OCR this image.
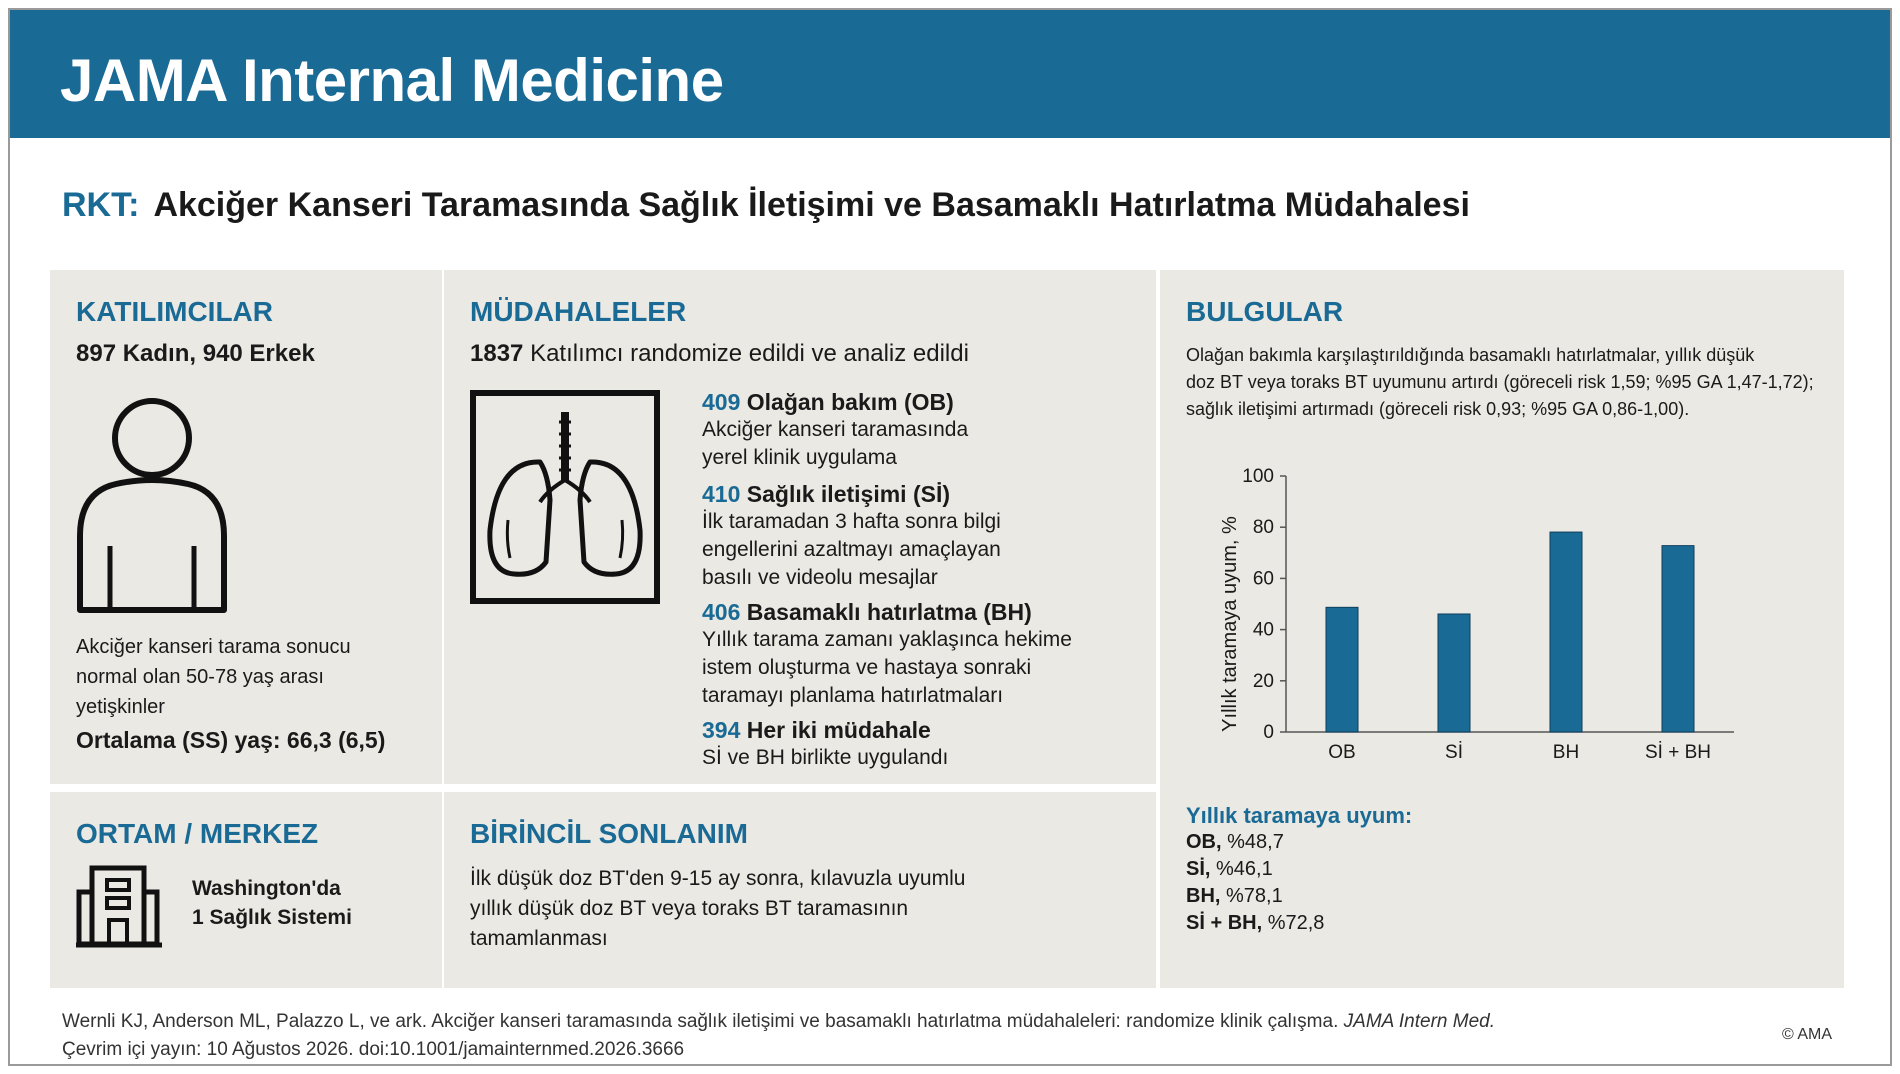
JAMA Internal Medicine
RKT: Akciğer Kanseri Taramasında Sağlık İletişimi ve Basamaklı Hatırlatma Müdahalesi
KATILIMCILAR
897 Kadın, 940 Erkek
Akciğer kanseri tarama sonucu
normal olan 50-78 yaş arası
yetişkinler
Ortalama (SS) yaş: 66,3 (6,5)
MÜDAHALELER
1837 Katılımcı randomize edildi ve analiz edildi
409 Olağan bakım (OB)
Akciğer kanseri taramasında
yerel klinik uygulama
410 Sağlık iletişimi (Sİ)
İlk taramadan 3 hafta sonra bilgi
engellerini azaltmayı amaçlayan
basılı ve videolu mesajlar
406 Basamaklı hatırlatma (BH)
Yıllık tarama zamanı yaklaşınca hekime
istem oluşturma ve hastaya sonraki
taramayı planlama hatırlatmaları
394 Her iki müdahale
Sİ ve BH birlikte uygulandı
BULGULAR
Olağan bakımla karşılaştırıldığında basamaklı hatırlatmalar, yıllık düşük
doz BT veya toraks BT uyumunu artırdı (göreceli risk 1,59; %95 GA 1,47-1,72);
sağlık iletişimi artırmadı (göreceli risk 0,93; %95 GA 0,86-1,00).
Yıllık taramaya uyum, %
0
20
40
60
80
100
OB	Sİ	BH	Sİ + BH
Yıllık taramaya uyum:
OB, %48,7
Sİ, %46,1
BH, %78,1
Sİ + BH, %72,8
ORTAM / MERKEZ
Washington'da
1 Sağlık Sistemi
BİRİNCİL SONLANIM
İlk düşük doz BT'den 9-15 ay sonra, kılavuzla uyumlu
yıllık düşük doz BT veya toraks BT taramasının
tamamlanması
Wernli KJ, Anderson ML, Palazzo L, ve ark. Akciğer kanseri taramasında sağlık iletişimi ve basamaklı hatırlatma müdahaleleri: randomize klinik çalışma. JAMA Intern Med.
Çevrim içi yayın: 10 Ağustos 2026. doi:10.1001/jamainternmed.2026.3666
© AMA
